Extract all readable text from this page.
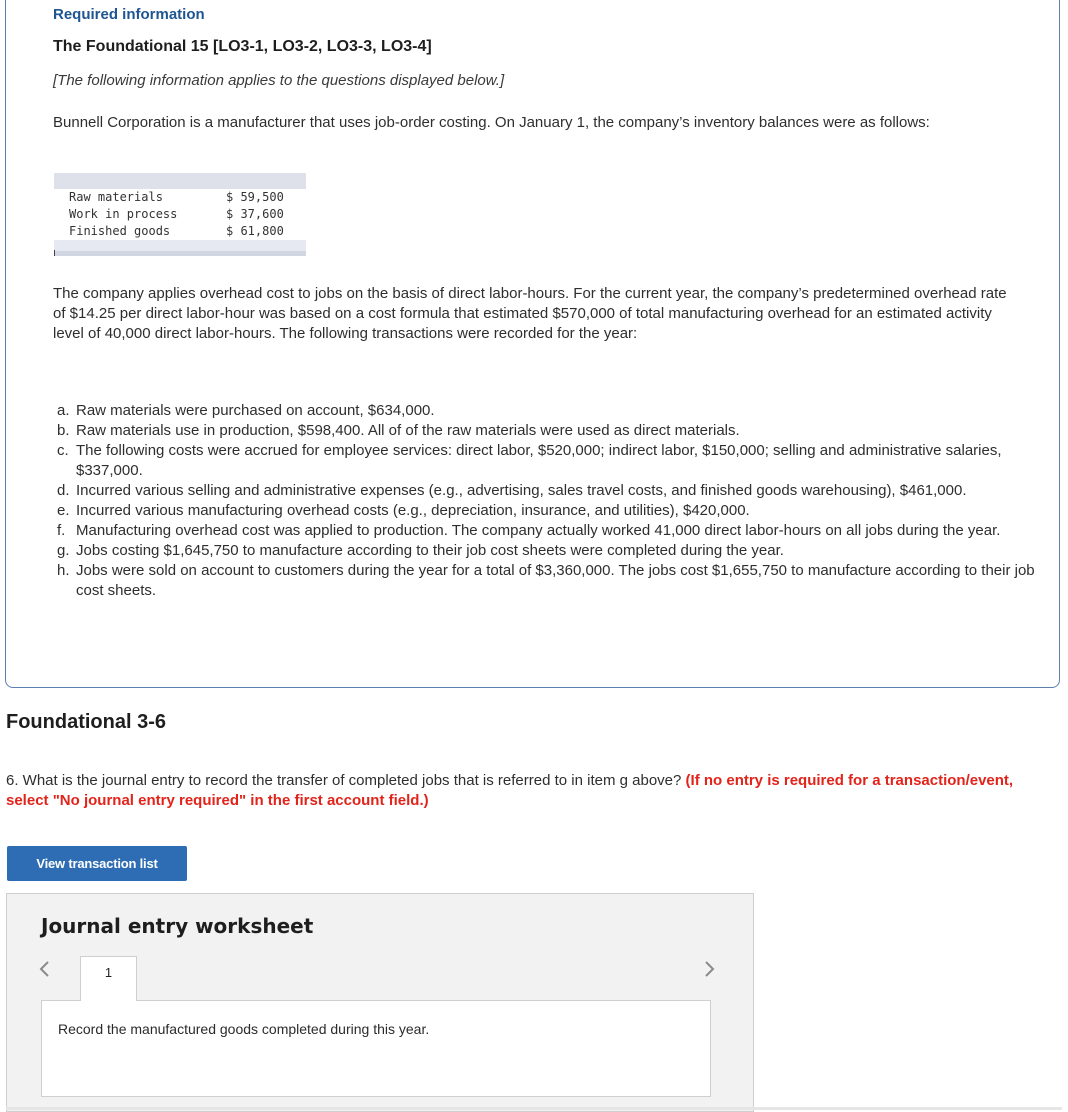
Required information
The Foundational 15 [LO3-1, LO3-2, LO3-3, LO3-4]
[The following information applies to the questions displayed below.]
Bunnell Corporation is a manufacturer that uses job-order costing. On January 1, the company’s inventory balances were as follows:
Raw materials	$ 59,500
Work in process	$ 37,600
Finished goods	$ 61,800
The company applies overhead cost to jobs on the basis of direct labor-hours. For the current year, the company’s predetermined overhead rate of $14.25 per direct labor-hour was based on a cost formula that estimated $570,000 of total manufacturing overhead for an estimated activity level of 40,000 direct labor-hours. The following transactions were recorded for the year:
a. Raw materials were purchased on account, $634,000.
b. Raw materials use in production, $598,400. All of of the raw materials were used as direct materials.
c. The following costs were accrued for employee services: direct labor, $520,000; indirect labor, $150,000; selling and administrative salaries, $337,000.
d. Incurred various selling and administrative expenses (e.g., advertising, sales travel costs, and finished goods warehousing), $461,000.
e. Incurred various manufacturing overhead costs (e.g., depreciation, insurance, and utilities), $420,000.
f. Manufacturing overhead cost was applied to production. The company actually worked 41,000 direct labor-hours on all jobs during the year.
g. Jobs costing $1,645,750 to manufacture according to their job cost sheets were completed during the year.
h. Jobs were sold on account to customers during the year for a total of $3,360,000. The jobs cost $1,655,750 to manufacture according to their job cost sheets.
Foundational 3-6
6. What is the journal entry to record the transfer of completed jobs that is referred to in item g above? (If no entry is required for a transaction/event, select "No journal entry required" in the first account field.)
View transaction list
Journal entry worksheet
1
Record the manufactured goods completed during this year.
